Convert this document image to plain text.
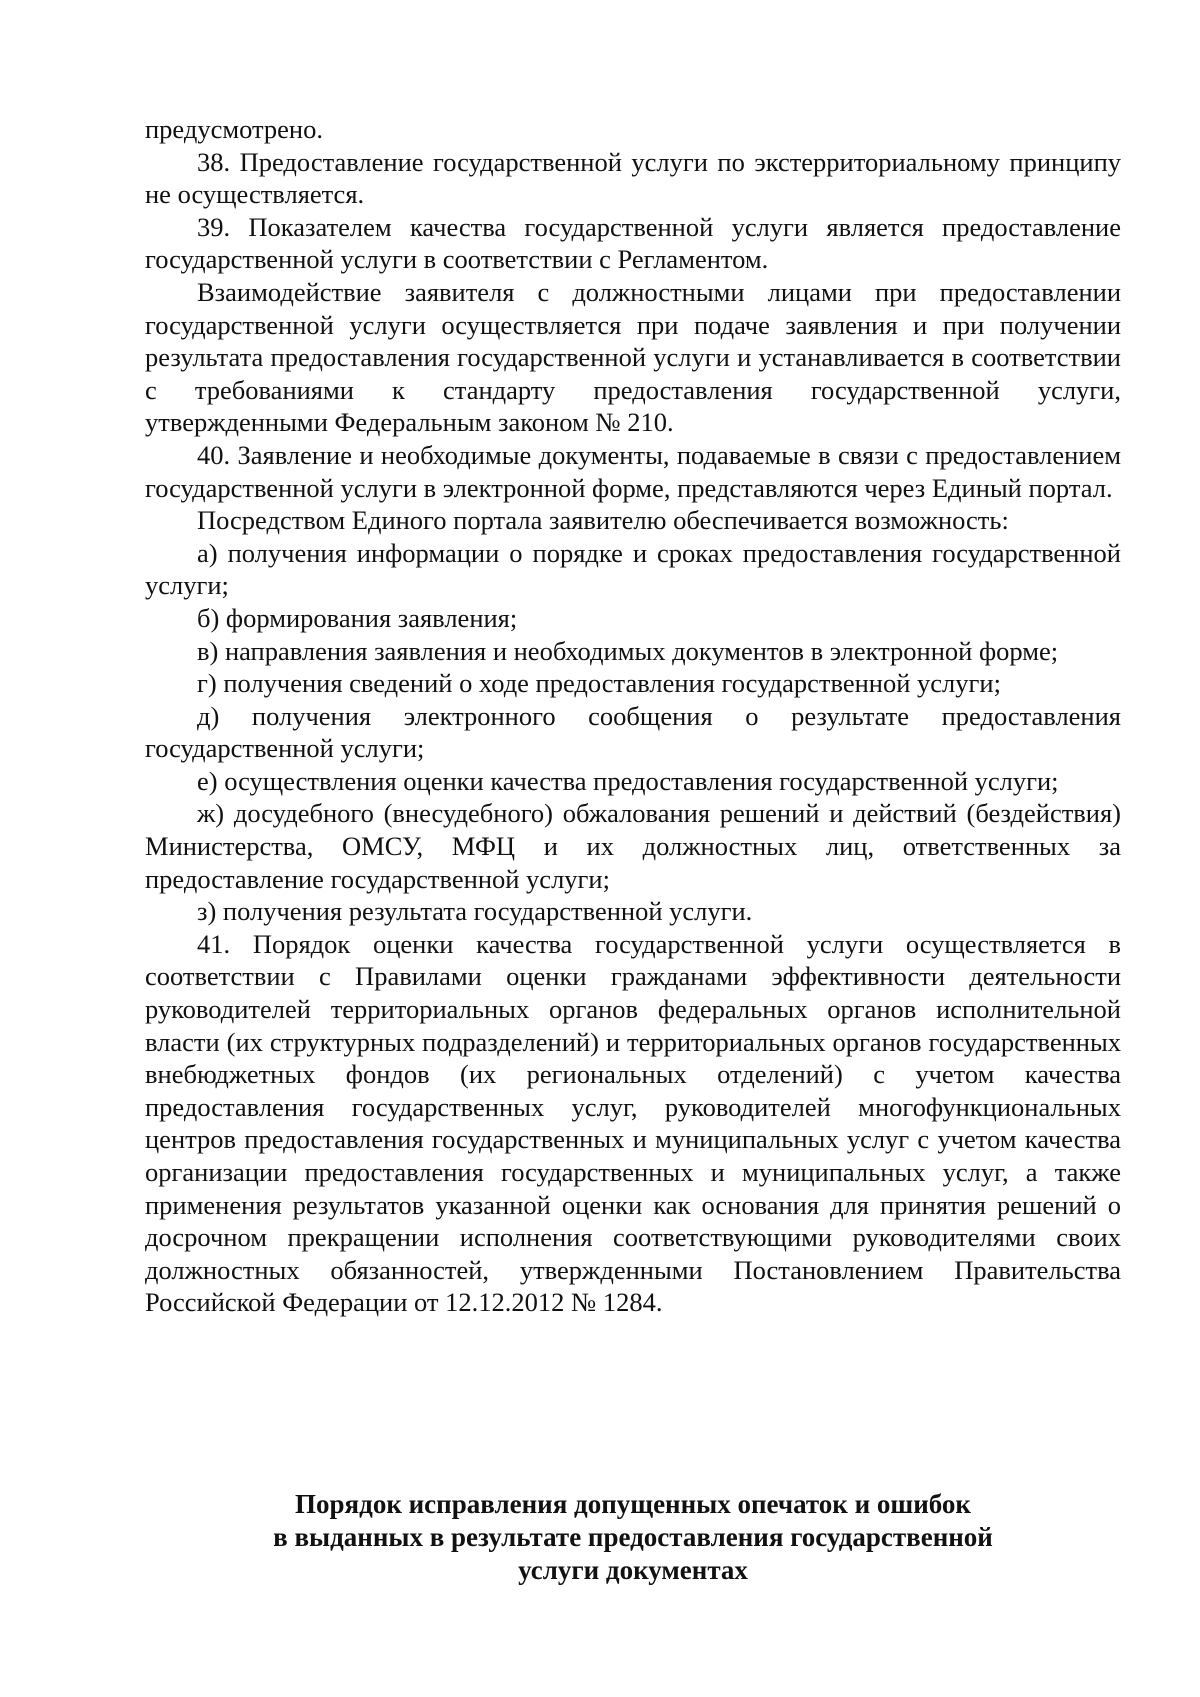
предусмотрено.

38. Предоставление государственной услуги по экстерриториальному принципу не осуществляется.

39. Показателем качества государственной услуги является предоставление государственной услуги в соответствии с Регламентом.

Взаимодействие заявителя с должностными лицами при предоставлении государственной услуги осуществляется при подаче заявления и при получении результата предоставления государственной услуги и устанавливается в соответствии с требованиями к стандарту предоставления государственной услуги, утвержденными Федеральным законом № 210.

40. Заявление и необходимые документы, подаваемые в связи с предоставлением государственной услуги в электронной форме, представляются через Единый портал.

Посредством Единого портала заявителю обеспечивается возможность:

а) получения информации о порядке и сроках предоставления государственной услуги;

б) формирования заявления;

в) направления заявления и необходимых документов в электронной форме;

г) получения сведений о ходе предоставления государственной услуги;

д) получения электронного сообщения о результате предоставления государственной услуги;

е) осуществления оценки качества предоставления государственной услуги;

ж) досудебного (внесудебного) обжалования решений и действий (бездействия) Министерства, ОМСУ, МФЦ и их должностных лиц, ответственных за предоставление государственной услуги;

з) получения результата государственной услуги.

41. Порядок оценки качества государственной услуги осуществляется в соответствии с Правилами оценки гражданами эффективности деятельности руководителей территориальных органов федеральных органов исполнительной власти (их структурных подразделений) и территориальных органов государственных внебюджетных фондов (их региональных отделений) с учетом качества предоставления государственных услуг, руководителей многофункциональных центров предоставления государственных и муниципальных услуг с учетом качества организации предоставления государственных и муниципальных услуг, а также применения результатов указанной оценки как основания для принятия решений о досрочном прекращении исполнения соответствующими руководителями своих должностных обязанностей, утвержденными Постановлением Правительства Российской Федерации от 12.12.2012 № 1284.

Порядок исправления допущенных опечаток и ошибок
в выданных в результате предоставления государственной
услуги документах
